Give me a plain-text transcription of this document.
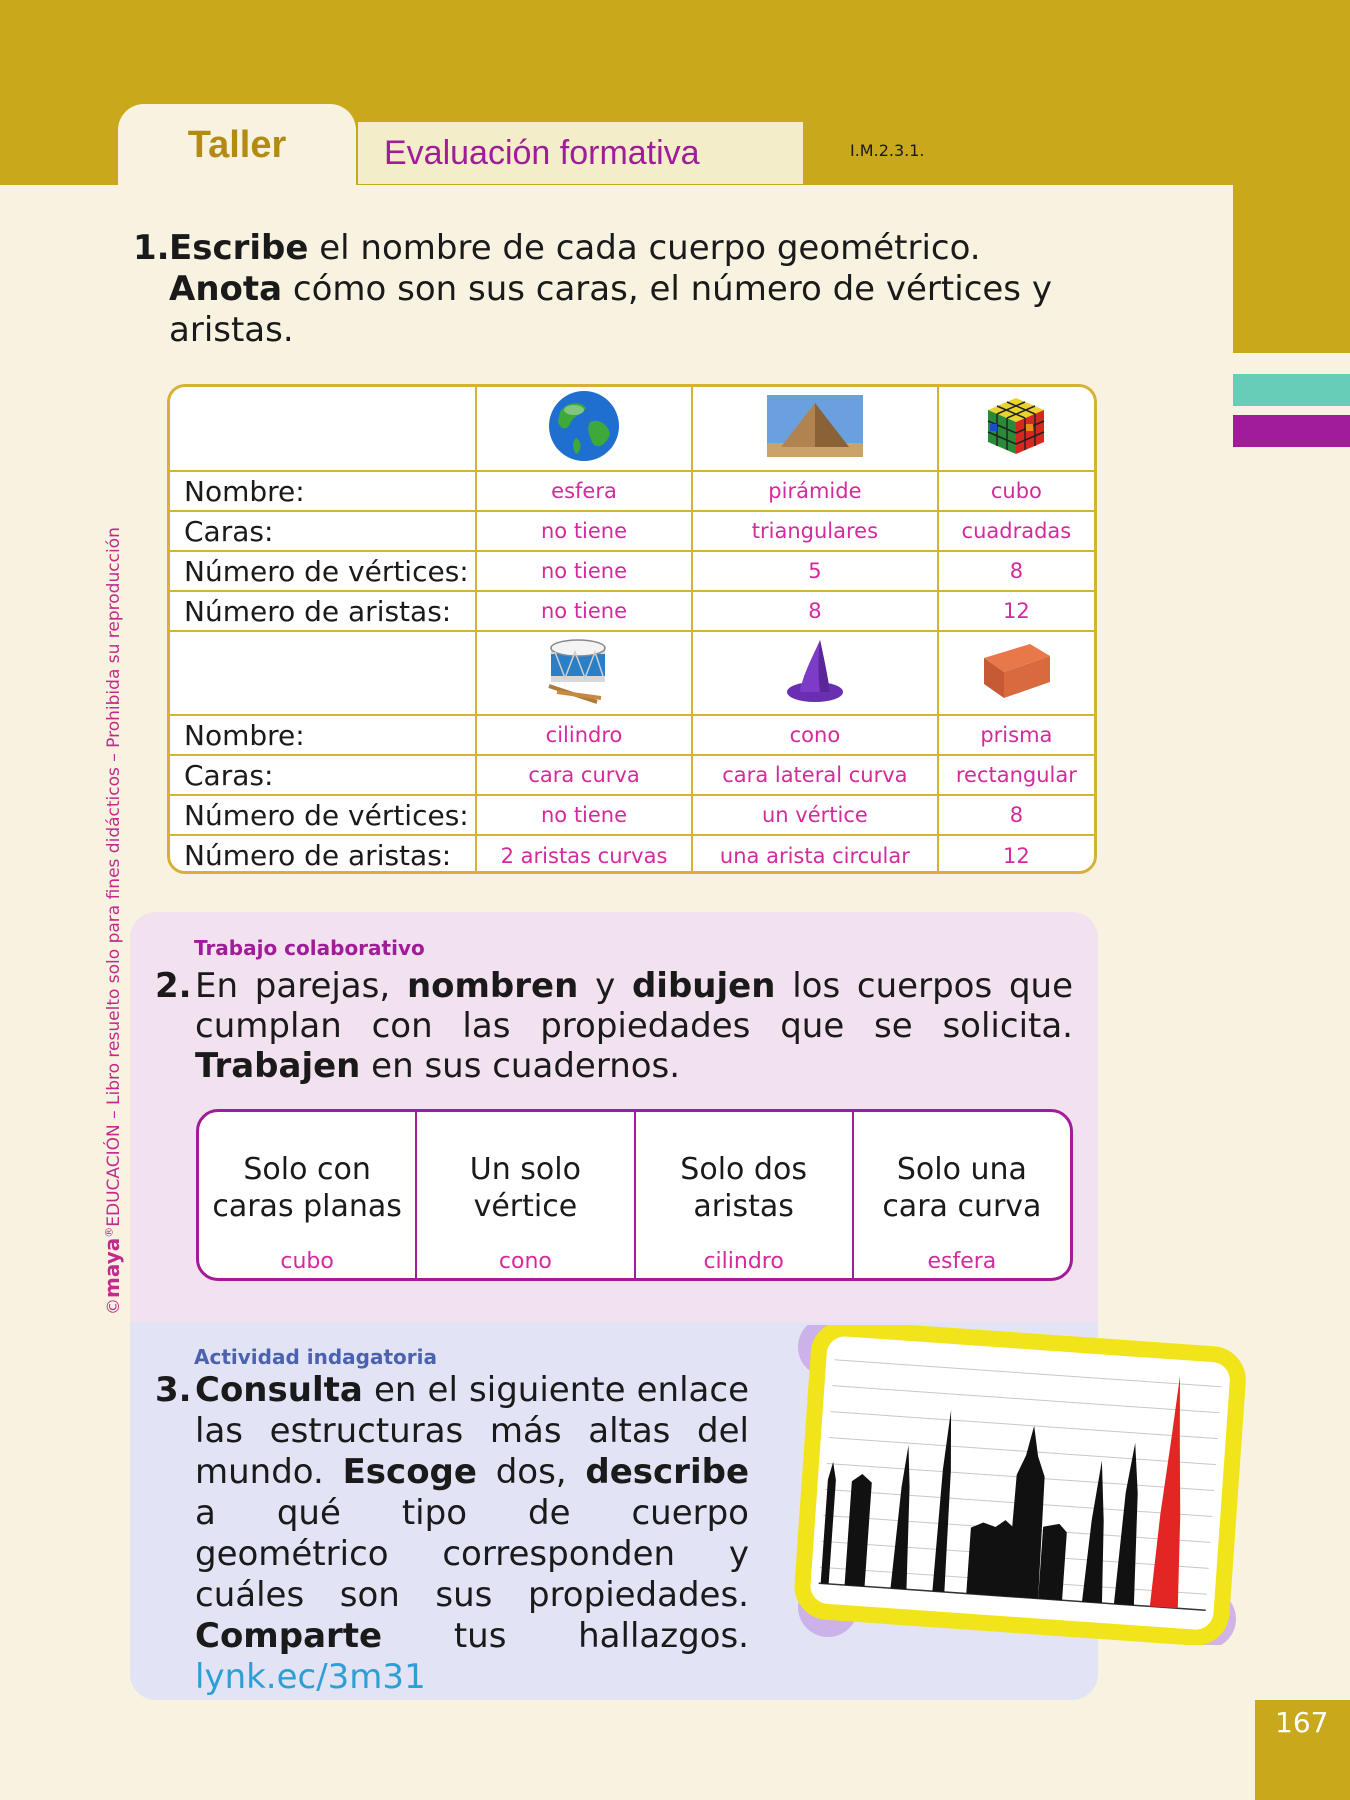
Taller	Evaluación formativa	I.M.2.3.1.
©maya®EDUCACIÓN – Libro resuelto solo para fines didácticos – Prohibida su reproducción
1. Escribe el nombre de cada cuerpo geométrico.
Anota cómo son sus caras, el número de vértices y aristas.

Nombre:	esfera	pirámide	cubo
Caras:	no tiene	triangulares	cuadradas
Número de vértices:	no tiene	5	8
Número de aristas:	no tiene	8	12

Nombre:	cilindro	cono	prisma
Caras:	cara curva	cara lateral curva	rectangular
Número de vértices:	no tiene	un vértice	8
Número de aristas:	2 aristas curvas	una arista circular	12
Trabajo colaborativo
2. En parejas, nombren y dibujen los cuerpos que cumplan con las propiedades que se solicita. Trabajen en sus cuadernos.
Solo con caras planas
cubo
Un solo vértice
cono
Solo dos aristas
cilindro
Solo una cara curva
esfera
Actividad indagatoria
3. Consulta en el siguiente enlace las estructuras más altas del mundo. Escoge dos, describe a qué tipo de cuerpo geométrico corresponden y cuáles son sus propiedades. Comparte tus hallazgos. lynk.ec/3m31
167
